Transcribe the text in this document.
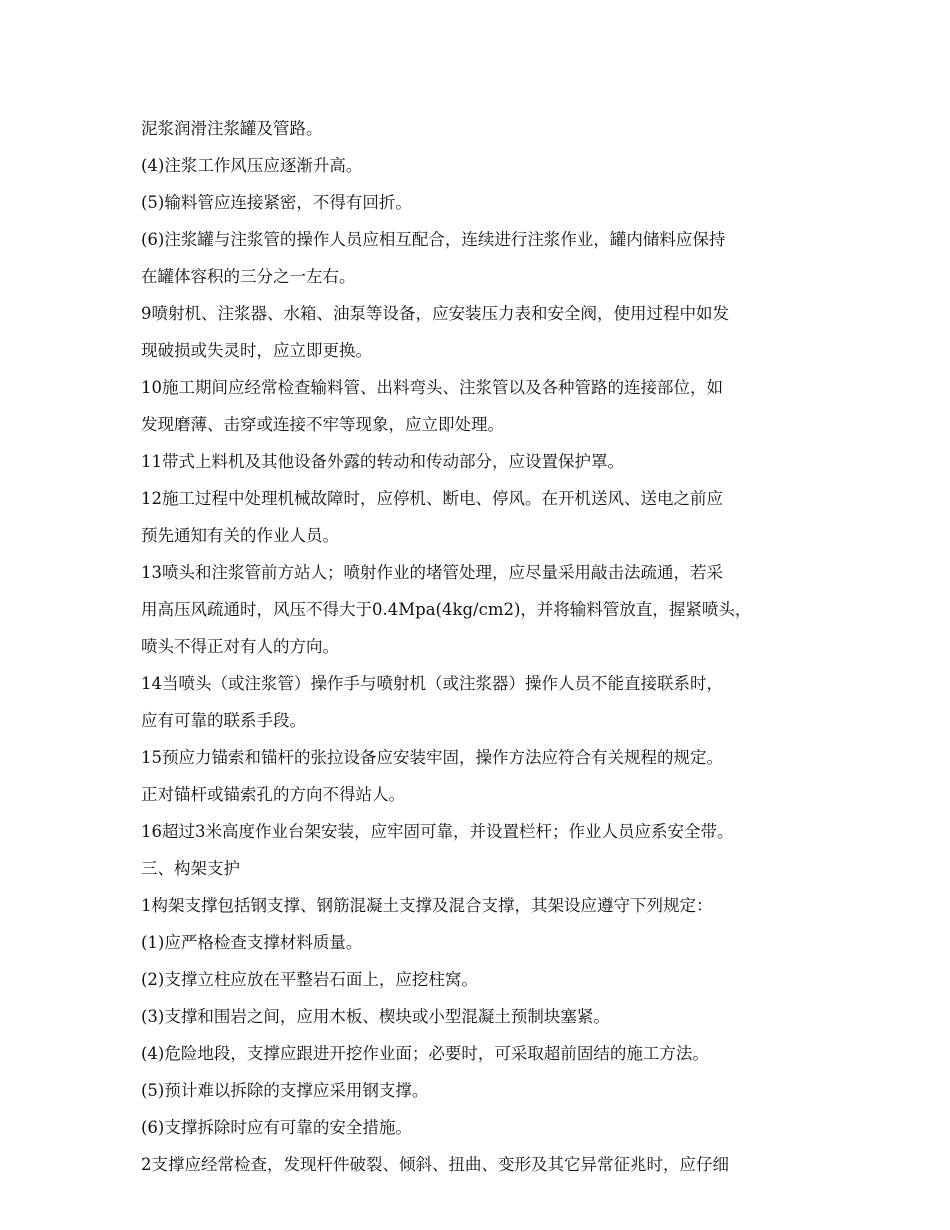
泥浆润滑注浆罐及管路。

(4)注浆工作风压应逐渐升高。

(5)输料管应连接紧密，不得有回折。

(6)注浆罐与注浆管的操作人员应相互配合，连续进行注浆作业，罐内储料应保持

在罐体容积的三分之一左右。

9喷射机、注浆器、水箱、油泵等设备，应安装压力表和安全阀，使用过程中如发

现破损或失灵时，应立即更换。

10施工期间应经常检查输料管、出料弯头、注浆管以及各种管路的连接部位，如

发现磨薄、击穿或连接不牢等现象，应立即处理。

11带式上料机及其他设备外露的转动和传动部分，应设置保护罩。

12施工过程中处理机械故障时，应停机、断电、停风。在开机送风、送电之前应

预先通知有关的作业人员。

13喷头和注浆管前方站人；喷射作业的堵管处理，应尽量采用敲击法疏通，若采

用高压风疏通时，风压不得大于0.4Mpa(4kg/cm2)，并将输料管放直，握紧喷头，

喷头不得正对有人的方向。

14当喷头（或注浆管）操作手与喷射机（或注浆器）操作人员不能直接联系时，

应有可靠的联系手段。

15预应力锚索和锚杆的张拉设备应安装牢固，操作方法应符合有关规程的规定。

正对锚杆或锚索孔的方向不得站人。

16超过3米高度作业台架安装，应牢固可靠，并设置栏杆；作业人员应系安全带。

三、构架支护

1构架支撑包括钢支撑、钢筋混凝土支撑及混合支撑，其架设应遵守下列规定：

(1)应严格检查支撑材料质量。

(2)支撑立柱应放在平整岩石面上，应挖柱窝。

(3)支撑和围岩之间，应用木板、楔块或小型混凝土预制块塞紧。

(4)危险地段，支撑应跟进开挖作业面；必要时，可采取超前固结的施工方法。

(5)预计难以拆除的支撑应采用钢支撑。

(6)支撑拆除时应有可靠的安全措施。

2支撑应经常检查，发现杆件破裂、倾斜、扭曲、变形及其它异常征兆时，应仔细
